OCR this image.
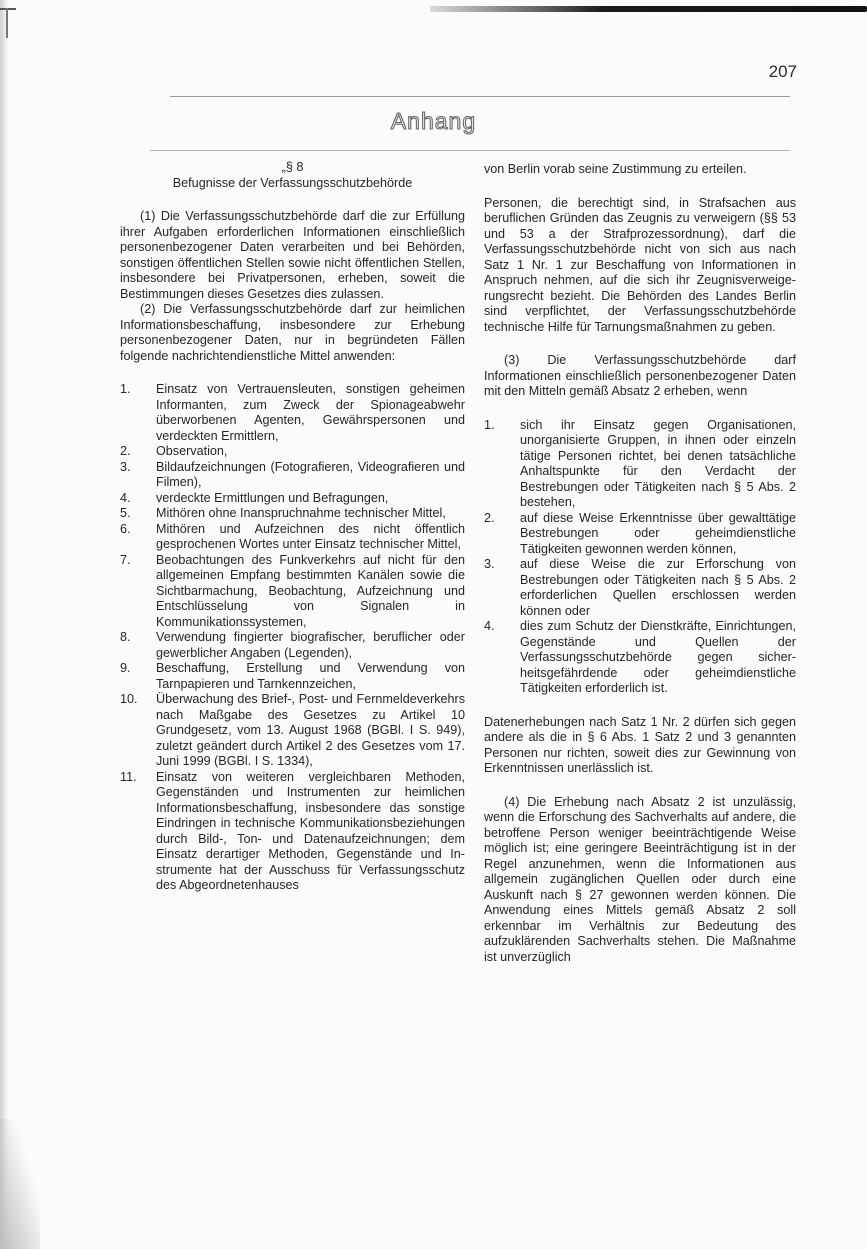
207
Anhang

„§ 8

Befugnisse der Verfassungsschutzbehörde

(1) Die Verfassungsschutzbehörde darf die zur Erfüllung ihrer Aufgaben erforderlichen Informationen einschließlich personenbezogener Daten verarbeiten und bei Behörden, sonstigen öffentlichen Stellen sowie nicht öffentlichen Stellen, insbesondere bei Privatpersonen, erheben, soweit die Bestimmungen dieses Gesetzes dies zulassen.

(2) Die Verfassungsschutzbehörde darf zur heimlichen Informationsbeschaffung, insbesondere zur Erhebung personenbezogener Daten, nur in begründeten Fällen folgende nachrichtendienstliche Mittel anwenden:

1.	Einsatz von Vertrauensleuten, sonstigen geheimen Informanten, zum Zweck der Spionageabwehr überworbenen Agenten, Gewährspersonen und verdeckten Ermittlern,
2.	Observation,
3.	Bildaufzeichnungen (Fotografieren, Videografieren und Filmen),
4.	verdeckte Ermittlungen und Befragungen,
5.	Mithören ohne Inanspruchnahme technischer Mittel,
6.	Mithören und Aufzeichnen des nicht öffentlich gesprochenen Wortes unter Einsatz technischer Mittel,
7.	Beobachtungen des Funkverkehrs auf nicht für den allgemeinen Empfang bestimmten Kanälen sowie die Sichtbarmachung, Beobachtung, Aufzeichnung und Entschlüsselung von Signalen in Kommunikationssystemen,
8.	Verwendung fingierter biografischer, beruflicher oder gewerblicher Angaben (Legenden),
9.	Beschaffung, Erstellung und Verwendung von Tarnpapieren und Tarnkennzeichen,
10.	Überwachung des Brief-, Post- und Fernmeldeverkehrs nach Maßgabe des Gesetzes zu Artikel 10 Grundgesetz, vom 13. August 1968 (BGBl. I S. 949), zuletzt geändert durch Artikel 2 des Gesetzes vom 17. Juni 1999 (BGBl. I S. 1334),
11.	Einsatz von weiteren vergleichbaren Methoden, Gegenständen und Instrumenten zur heimlichen Informationsbeschaffung, insbesondere das sonstige Eindringen in technische Kommunikationsbeziehungen durch Bild-, Ton- und Datenaufzeichnungen; dem Einsatz derartiger Methoden, Gegenstände und Instrumente hat der Ausschuss für Verfassungsschutz des Abgeordnetenhauses

von Berlin vorab seine Zustimmung zu erteilen.

Personen, die berechtigt sind, in Strafsachen aus beruflichen Gründen das Zeugnis zu verweigern (§§ 53 und 53 a der Strafprozessordnung), darf die Verfassungsschutzbehörde nicht von sich aus nach Satz 1 Nr. 1 zur Beschaffung von Informationen in Anspruch nehmen, auf die sich ihr Zeugnisverweigerungsrecht bezieht. Die Behörden des Landes Berlin sind verpflichtet, der Verfassungsschutzbehörde technische Hilfe für Tarnungsmaßnahmen zu geben.

(3) Die Verfassungsschutzbehörde darf Informationen einschließlich personenbezogener Daten mit den Mitteln gemäß Absatz 2 erheben, wenn

1.	sich ihr Einsatz gegen Organisationen, unorganisierte Gruppen, in ihnen oder einzeln tätige Personen richtet, bei denen tatsächliche Anhaltspunkte für den Verdacht der Bestrebungen oder Tätigkeiten nach § 5 Abs. 2 bestehen,
2.	auf diese Weise Erkenntnisse über gewalttätige Bestrebungen oder geheimdienstliche Tätigkeiten gewonnen werden können,
3.	auf diese Weise die zur Erforschung von Bestrebungen oder Tätigkeiten nach § 5 Abs. 2 erforderlichen Quellen erschlossen werden können oder
4.	dies zum Schutz der Dienstkräfte, Einrichtungen, Gegenstände und Quellen der Verfassungsschutzbehörde gegen sicherheitsgefährdende oder geheimdienstliche Tätigkeiten erforderlich ist.

Datenerhebungen nach Satz 1 Nr. 2 dürfen sich gegen andere als die in § 6 Abs. 1 Satz 2 und 3 genannten Personen nur richten, soweit dies zur Gewinnung von Erkenntnissen unerlässlich ist.

(4) Die Erhebung nach Absatz 2 ist unzulässig, wenn die Erforschung des Sachverhalts auf andere, die betroffene Person weniger beeinträchtigende Weise möglich ist; eine geringere Beeinträchtigung ist in der Regel anzunehmen, wenn die Informationen aus allgemein zugänglichen Quellen oder durch eine Auskunft nach § 27 gewonnen werden können. Die Anwendung eines Mittels gemäß Absatz 2 soll erkennbar im Verhältnis zur Bedeutung des aufzuklärenden Sachverhalts stehen. Die Maßnahme ist unverzüglich
